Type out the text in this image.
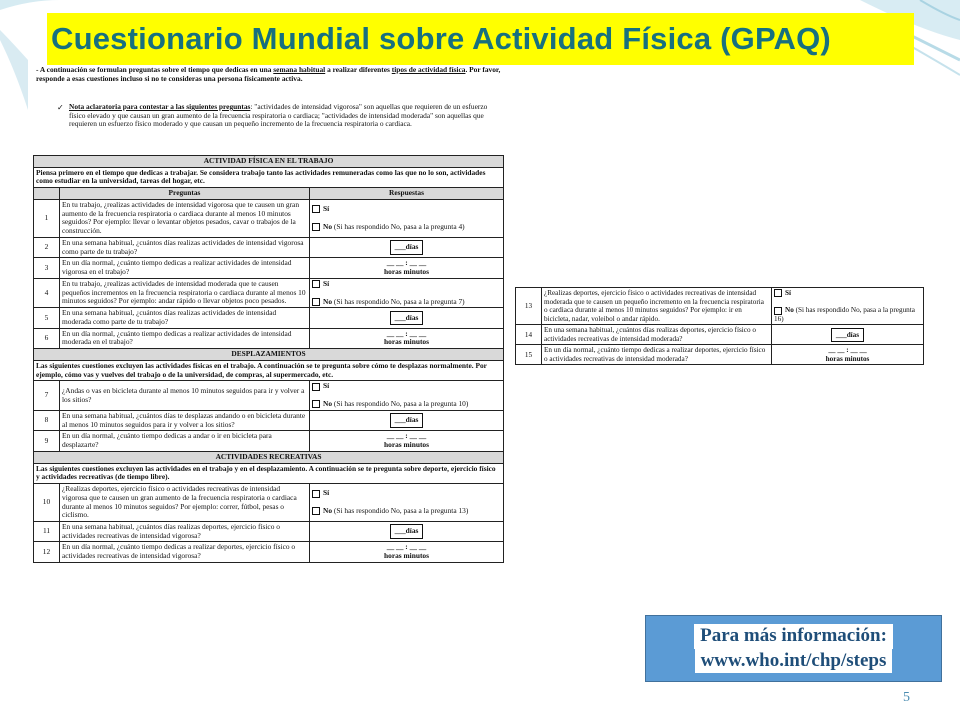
Cuestionario Mundial sobre Actividad Física (GPAQ)
- A continuación se formulan preguntas sobre el tiempo que dedicas en una semana habitual a realizar diferentes tipos de actividad física. Por favor, responde a esas cuestiones incluso si no te consideras una persona físicamente activa.
✓ Nota aclaratoria para contestar a las siguientes preguntas: "actividades de intensidad vigorosa" son aquellas que requieren de un esfuerzo físico elevado y que causan un gran aumento de la frecuencia respiratoria o cardiaca; "actividades de intensidad moderada" son aquellas que requieren un esfuerzo físico moderado y que causan un pequeño incremento de la frecuencia respiratoria o cardiaca.
ACTIVIDAD FÍSICA EN EL TRABAJO		
Piensa primero en el tiempo que dedicas a trabajar. Se considera trabajo tanto las actividades remuneradas como las que no lo son, actividades como estudiar en la universidad, tareas del hogar, etc.		
	Preguntas	Respuestas
1	En tu trabajo, ¿realizas actividades de intensidad vigorosa que te causen un gran aumento de la frecuencia respiratoria o cardiaca durante al menos 10 minutos seguidos? Por ejemplo: llevar o levantar objetos pesados, cavar o trabajos de la construcción.	Sí
No (Si has respondido No, pasa a la pregunta 4)

2	En una semana habitual, ¿cuántos días realizas actividades de intensidad vigorosa como parte de tu trabajo?	___días
3	En un día normal, ¿cuánto tiempo dedicas a realizar actividades de intensidad vigorosa en el trabajo?	__ __ : __ __
horas minutos

4	En tu trabajo, ¿realizas actividades de intensidad moderada que te causen pequeños incrementos en la frecuencia respiratoria o cardiaca durante al menos 10 minutos seguidos? Por ejemplo: andar rápido o llevar objetos poco pesados.	Sí
No (Si has respondido No, pasa a la pregunta 7)

5	En una semana habitual, ¿cuántos días realizas actividades de intensidad moderada como parte de tu trabajo?	___días
6	En un día normal, ¿cuánto tiempo dedicas a realizar actividades de intensidad moderada en el trabajo?	__ __ : __ __
horas minutos

DESPLAZAMIENTOS		
Las siguientes cuestiones excluyen las actividades físicas en el trabajo. A continuación se te pregunta sobre cómo te desplazas normalmente. Por ejemplo, cómo vas y vuelves del trabajo o de la universidad, de compras, al supermercado, etc.		
7	¿Andas o vas en bicicleta durante al menos 10 minutos seguidos para ir y volver a los sitios?	Sí
No (Si has respondido No, pasa a la pregunta 10)

8	En una semana habitual, ¿cuántos días te desplazas andando o en bicicleta durante al menos 10 minutos seguidos para ir y volver a los sitios?	___días
9	En un día normal, ¿cuánto tiempo dedicas a andar o ir en bicicleta para desplazarte?	__ __ : __ __
horas minutos

ACTIVIDADES RECREATIVAS		
Las siguientes cuestiones excluyen las actividades en el trabajo y en el desplazamiento. A continuación se te pregunta sobre deporte, ejercicio físico y actividades recreativas (de tiempo libre).		
10	¿Realizas deportes, ejercicio físico o actividades recreativas de intensidad vigorosa que te causen un gran aumento de la frecuencia respiratoria o cardiaca durante al menos 10 minutos seguidos? Por ejemplo: correr, fútbol, pesas o ciclismo.	Sí
No (Si has respondido No, pasa a la pregunta 13)

11	En una semana habitual, ¿cuántos días realizas deportes, ejercicio físico o actividades recreativas de intensidad vigorosa?	___días
12	En un día normal, ¿cuánto tiempo dedicas a realizar deportes, ejercicio físico o actividades recreativas de intensidad vigorosa?	__ __ : __ __
horas minutos
13	¿Realizas deportes, ejercicio físico o actividades recreativas de intensidad moderada que te causen un pequeño incremento en la frecuencia respiratoria o cardiaca durante al menos 10 minutos seguidos? Por ejemplo: ir en bicicleta, nadar, voleibol o andar rápido.	Sí
No (Si has respondido No, pasa a la pregunta 16)

14	En una semana habitual, ¿cuántos días realizas deportes, ejercicio físico o actividades recreativas de intensidad moderada?	___días
15	En un día normal, ¿cuánto tiempo dedicas a realizar deportes, ejercicio físico o actividades recreativas de intensidad moderada?	__ __ : __ __
horas minutos
Para más información:
www.who.int/chp/steps
5
